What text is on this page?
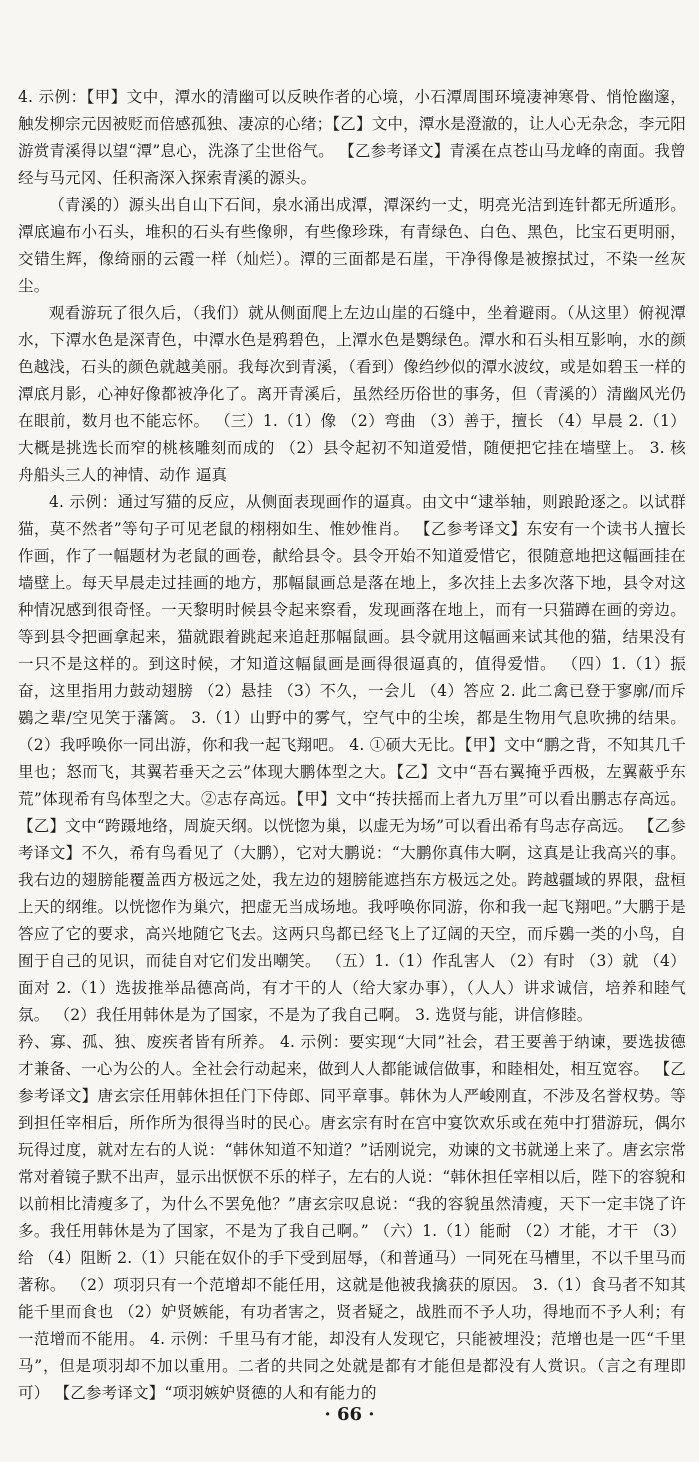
4. 示例：【甲】文中，潭水的清幽可以反映作者的心境，小石潭周围环境凄神寒骨、悄怆幽邃，触发柳宗元因被贬而倍感孤独、凄凉的心绪；【乙】文中，潭水是澄澈的，让人心无杂念，李元阳游赏青溪得以望“潭”息心，洗涤了尘世俗气。 【乙参考译文】青溪在点苍山马龙峰的南面。我曾经与马元冈、任积斋深入探索青溪的源头。

（青溪的）源头出自山下石间，泉水涌出成潭，潭深约一丈，明亮光洁到连针都无所遁形。潭底遍布小石头，堆积的石头有些像卵，有些像珍珠，有青绿色、白色、黑色，比宝石更明丽，交错生辉，像绮丽的云霞一样（灿烂）。潭的三面都是石崖，干净得像是被擦拭过，不染一丝灰尘。

观看游玩了很久后，（我们）就从侧面爬上左边山崖的石缝中，坐着避雨。（从这里）俯视潭水，下潭水色是深青色，中潭水色是鸦碧色，上潭水色是鹦绿色。潭水和石头相互影响，水的颜色越浅，石头的颜色就越美丽。我每次到青溪，（看到）像绉纱似的潭水波纹，或是如碧玉一样的潭底月影，心神好像都被净化了。离开青溪后，虽然经历俗世的事务，但（青溪的）清幽风光仍在眼前，数月也不能忘怀。 （三）1.（1）像 （2）弯曲 （3）善于，擅长 （4）早晨 2.（1）大概是挑选长而窄的桃核雕刻而成的 （2）县令起初不知道爱惜，随便把它挂在墙壁上。 3. 核舟船头三人的神情、动作 逼真

4. 示例：通过写猫的反应，从侧面表现画作的逼真。由文中“逮举轴，则踉跄逐之。以试群猫，莫不然者”等句子可见老鼠的栩栩如生、惟妙惟肖。 【乙参考译文】东安有一个读书人擅长作画，作了一幅题材为老鼠的画卷，献给县令。县令开始不知道爱惜它，很随意地把这幅画挂在墙壁上。每天早晨走过挂画的地方，那幅鼠画总是落在地上，多次挂上去多次落下地，县令对这种情况感到很奇怪。一天黎明时候县令起来察看，发现画落在地上，而有一只猫蹲在画的旁边。等到县令把画拿起来，猫就跟着跳起来追赶那幅鼠画。县令就用这幅画来试其他的猫，结果没有一只不是这样的。到这时候，才知道这幅鼠画是画得很逼真的，值得爱惜。 （四）1.（1）振奋，这里指用力鼓动翅膀 （2）悬挂 （3）不久，一会儿 （4）答应 2. 此二禽已登于寥廓/而斥鷃之辈/空见笑于藩篱。 3.（1）山野中的雾气，空气中的尘埃，都是生物用气息吹拂的结果。（2）我呼唤你一同出游，你和我一起飞翔吧。 4. ①硕大无比。【甲】文中“鹏之背，不知其几千里也；怒而飞，其翼若垂天之云”体现大鹏体型之大。【乙】文中“吾右翼掩乎西极，左翼蔽乎东荒”体现希有鸟体型之大。②志存高远。【甲】文中“抟扶摇而上者九万里”可以看出鹏志存高远。【乙】文中“跨蹑地络，周旋天纲。以恍惚为巢，以虚无为场”可以看出希有鸟志存高远。 【乙参考译文】不久，希有鸟看见了（大鹏），它对大鹏说：“大鹏你真伟大啊，这真是让我高兴的事。我右边的翅膀能覆盖西方极远之处，我左边的翅膀能遮挡东方极远之处。跨越疆域的界限，盘桓上天的纲维。以恍惚作为巢穴，把虚无当成场地。我呼唤你同游，你和我一起飞翔吧。”大鹏于是答应了它的要求，高兴地随它飞去。这两只鸟都已经飞上了辽阔的天空，而斥鷃一类的小鸟，自囿于自己的见识，而徒自对它们发出嘲笑。 （五）1.（1）作乱害人 （2）有时 （3）就 （4）面对 2.（1）选拔推举品德高尚，有才干的人（给大家办事），（人人）讲求诚信，培养和睦气氛。 （2）我任用韩休是为了国家，不是为了我自己啊。 3. 选贤与能，讲信修睦。

矜、寡、孤、独、废疾者皆有所养。 4. 示例：要实现“大同”社会，君王要善于纳谏，要选拔德才兼备、一心为公的人。全社会行动起来，做到人人都能诚信做事，和睦相处，相互宽容。 【乙参考译文】唐玄宗任用韩休担任门下侍郎、同平章事。韩休为人严峻刚直，不涉及名誉权势。等到担任宰相后，所作所为很得当时的民心。唐玄宗有时在宫中宴饮欢乐或在苑中打猎游玩，偶尔玩得过度，就对左右的人说：“韩休知道不知道？”话刚说完，劝谏的文书就递上来了。唐玄宗常常对着镜子默不出声，显示出恹恹不乐的样子，左右的人说：“韩休担任宰相以后，陛下的容貌和以前相比清瘦多了，为什么不罢免他？”唐玄宗叹息说：“我的容貌虽然清瘦，天下一定丰饶了许多。我任用韩休是为了国家，不是为了我自己啊。” （六）1.（1）能耐 （2）才能，才干 （3）给 （4）阻断 2.（1）只能在奴仆的手下受到屈辱，（和普通马）一同死在马槽里，不以千里马而著称。 （2）项羽只有一个范增却不能任用，这就是他被我擒获的原因。 3.（1）食马者不知其能千里而食也 （2）妒贤嫉能，有功者害之，贤者疑之，战胜而不予人功，得地而不予人利；有一范增而不能用。 4. 示例：千里马有才能，却没有人发现它，只能被埋没；范增也是一匹“千里马”，但是项羽却不加以重用。二者的共同之处就是都有才能但是都没有人赏识。（言之有理即可） 【乙参考译文】“项羽嫉妒贤德的人和有能力的

· 66 ·
